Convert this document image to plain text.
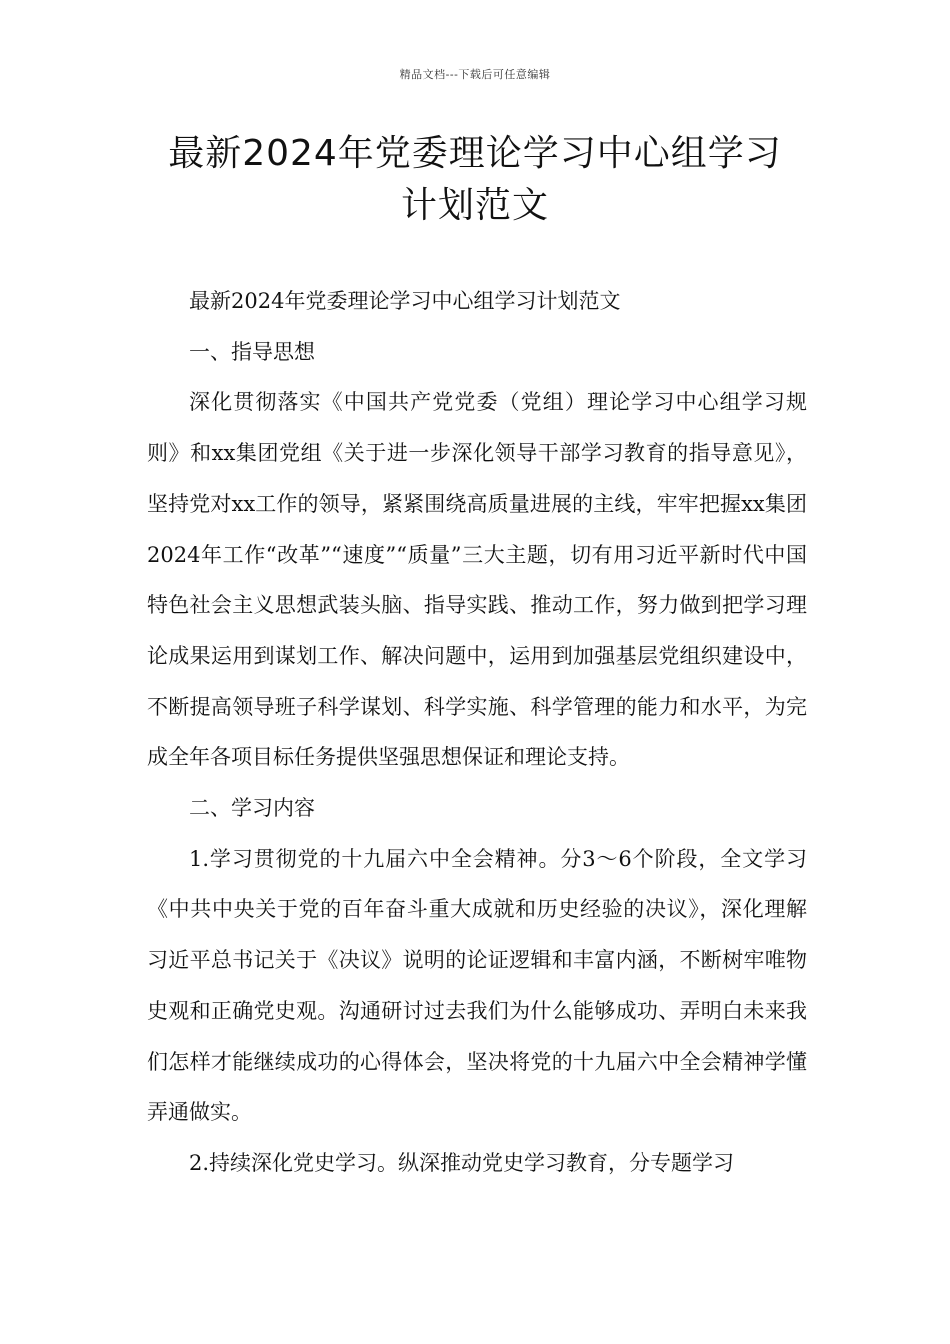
精品文档---下载后可任意编辑
最新2024年党委理论学习中心组学习
计划范文

最新2024年党委理论学习中心组学习计划范文

一、指导思想

深化贯彻落实《中国共产党党委（党组）理论学习中心组学习规则》和xx集团党组《关于进一步深化领导干部学习教育的指导意见》，坚持党对xx工作的领导，紧紧围绕高质量进展的主线，牢牢把握xx集团2024年工作“改革”“速度”“质量”三大主题，切有用习近平新时代中国特色社会主义思想武装头脑、指导实践、推动工作，努力做到把学习理论成果运用到谋划工作、解决问题中，运用到加强基层党组织建设中，不断提高领导班子科学谋划、科学实施、科学管理的能力和水平，为完成全年各项目标任务提供坚强思想保证和理论支持。

二、学习内容

1.学习贯彻党的十九届六中全会精神。分3～6个阶段，全文学习《中共中央关于党的百年奋斗重大成就和历史经验的决议》，深化理解习近平总书记关于《决议》说明的论证逻辑和丰富内涵，不断树牢唯物史观和正确党史观。沟通研讨过去我们为什么能够成功、弄明白未来我们怎样才能继续成功的心得体会，坚决将党的十九届六中全会精神学懂弄通做实。

2.持续深化党史学习。纵深推动党史学习教育，分专题学习
